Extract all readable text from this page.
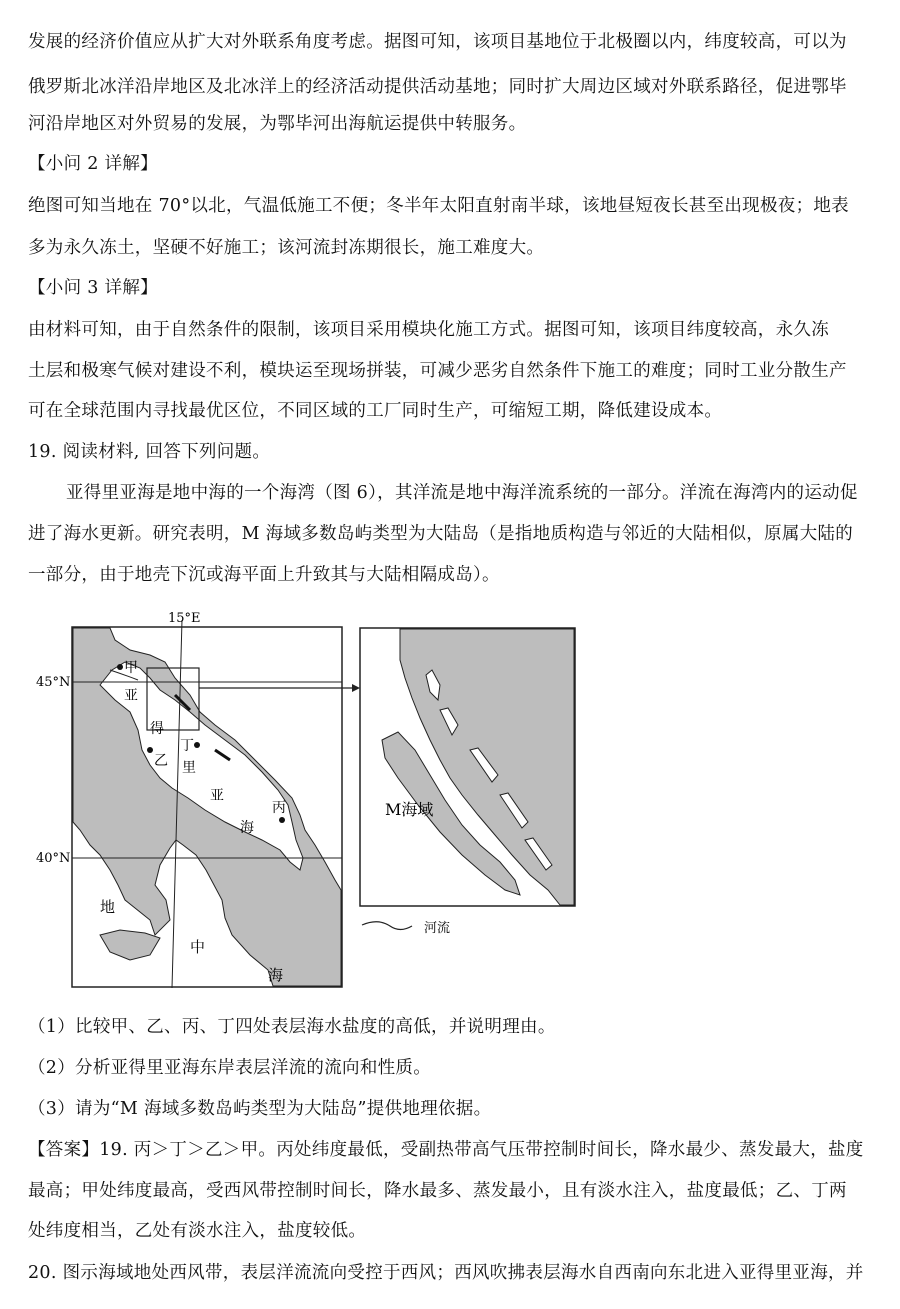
发展的经济价值应从扩大对外联系角度考虑。据图可知，该项目基地位于北极圈以内，纬度较高，可以为
俄罗斯北冰洋沿岸地区及北冰洋上的经济活动提供活动基地；同时扩大周边区域对外联系路径，促进鄂毕
河沿岸地区对外贸易的发展，为鄂毕河出海航运提供中转服务。
【小问 2 详解】
绝图可知当地在 70°以北，气温低施工不便；冬半年太阳直射南半球，该地昼短夜长甚至出现极夜；地表
多为永久冻土，坚硬不好施工；该河流封冻期很长，施工难度大。
【小问 3 详解】
由材料可知，由于自然条件的限制，该项目采用模块化施工方式。据图可知，该项目纬度较高，永久冻
土层和极寒气候对建设不利，模块运至现场拼装，可减少恶劣自然条件下施工的难度；同时工业分散生产
可在全球范围内寻找最优区位，不同区域的工厂同时生产，可缩短工期，降低建设成本。
19. 阅读材料, 回答下列问题。
亚得里亚海是地中海的一个海湾（图 6），其洋流是地中海洋流系统的一部分。洋流在海湾内的运动促
进了海水更新。研究表明，M 海域多数岛屿类型为大陆岛（是指地质构造与邻近的大陆相似，原属大陆的
一部分，由于地壳下沉或海平面上升致其与大陆相隔成岛）。
15°E
45°N
40°N
甲
亚
得
乙
丁
里
亚
海
丙
地
中
海
M海域
河流
（1）比较甲、乙、丙、丁四处表层海水盐度的高低，并说明理由。
（2）分析亚得里亚海东岸表层洋流的流向和性质。
（3）请为“M 海域多数岛屿类型为大陆岛”提供地理依据。
【答案】19. 丙＞丁＞乙＞甲。丙处纬度最低，受副热带高气压带控制时间长，降水最少、蒸发最大，盐度
最高；甲处纬度最高，受西风带控制时间长，降水最多、蒸发最小，且有淡水注入，盐度最低；乙、丁两
处纬度相当，乙处有淡水注入，盐度较低。
20. 图示海域地处西风带，表层洋流流向受控于西风；西风吹拂表层海水自西南向东北进入亚得里亚海，并
